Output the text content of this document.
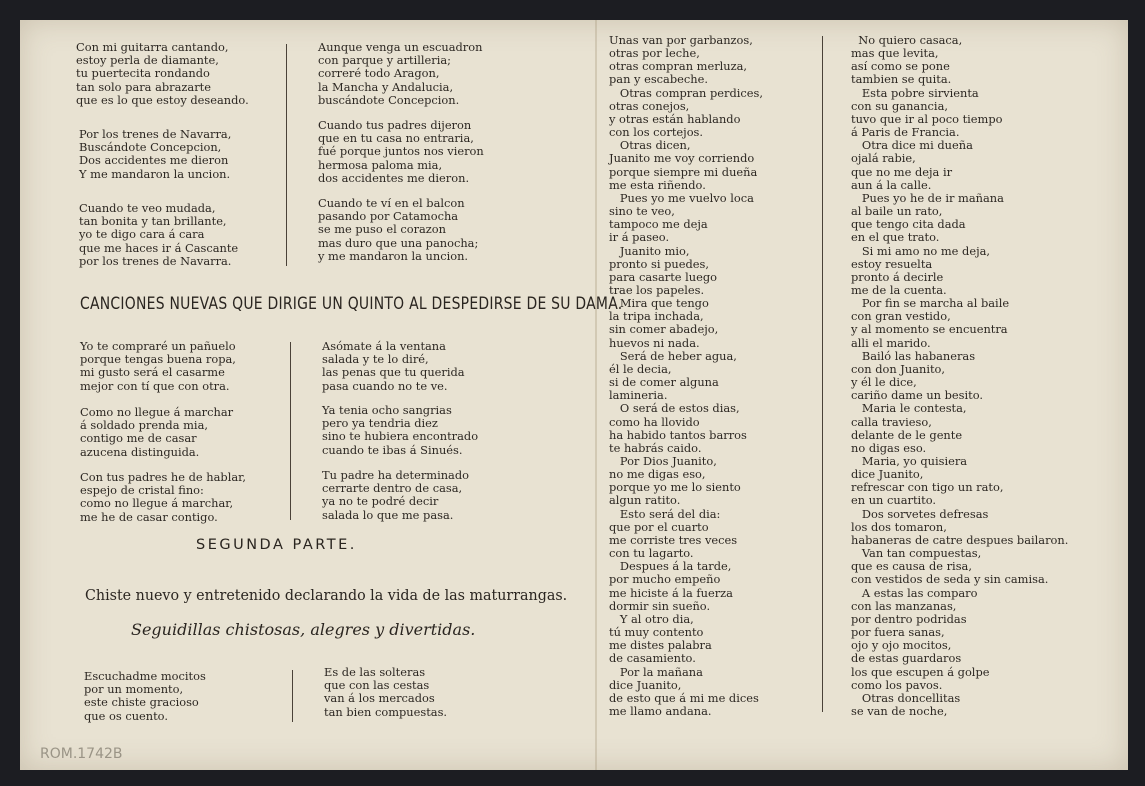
Con mi guitarra cantando,
estoy perla de diamante,
tu puertecita rondando
tan solo para abrazarte
que es lo que estoy deseando.

Por los trenes de Navarra,
Buscándote Concepcion,
Dos accidentes me dieron
Y me mandaron la uncion.

Cuando te veo mudada,
tan bonita y tan brillante,
yo te digo cara á cara
que me haces ir á Cascante
por los trenes de Navarra.

Aunque venga un escuadron
con parque y artilleria;
correré todo Aragon,
la Mancha y Andalucia,
buscándote Concepcion.

Cuando tus padres dijeron
que en tu casa no entraria,
fué porque juntos nos vieron
hermosa paloma mia,
dos accidentes me dieron.

Cuando te ví en el balcon
pasando por Catamocha
se me puso el corazon
mas duro que una panocha;
y me mandaron la uncion.

CANCIONES NUEVAS QUE DIRIGE UN QUINTO AL DESPEDIRSE DE SU DAMA.

Yo te compraré un pañuelo
porque tengas buena ropa,
mi gusto será el casarme
mejor con tí que con otra.

Como no llegue á marchar
á soldado prenda mia,
contigo me de casar
azucena distinguida.

Con tus padres he de hablar,
espejo de cristal fino:
como no llegue á marchar,
me he de casar contigo.

Asómate á la ventana
salada y te lo diré,
las penas que tu querida
pasa cuando no te ve.

Ya tenia ocho sangrias
pero ya tendria diez
sino te hubiera encontrado
cuando te ibas á Sinués.

Tu padre ha determinado
cerrarte dentro de casa,
ya no te podré decir
salada lo que me pasa.

SEGUNDA PARTE.

Chiste nuevo y entretenido declarando la vida de las maturrangas.

Seguidillas chistosas, alegres y divertidas.

Escuchadme mocitos
por un momento,
este chiste gracioso
que os cuento.

Es de las solteras
que con las cestas
van á los mercados
tan bien compuestas.

Unas van por garbanzos,
otras por leche,
otras compran merluza,
pan y escabeche.
Otras compran perdices,
otras conejos,
y otras están hablando
con los cortejos.
Otras dicen,
Juanito me voy corriendo
porque siempre mi dueña
me esta riñendo.
Pues yo me vuelvo loca
sino te veo,
tampoco me deja
ir á paseo.
Juanito mio,
pronto si puedes,
para casarte luego
trae los papeles.
Mira que tengo
la tripa inchada,
sin comer abadejo,
huevos ni nada.
Será de heber agua,
él le decia,
si de comer alguna
lamineria.
O será de estos dias,
como ha llovido
ha habido tantos barros
te habrás caido.
Por Dios Juanito,
no me digas eso,
porque yo me lo siento
algun ratito.
Esto será del dia:
que por el cuarto
me corriste tres veces
con tu lagarto.
Despues á la tarde,
por mucho empeño
me hiciste á la fuerza
dormir sin sueño.
Y al otro dia,
tú muy contento
me distes palabra
de casamiento.
Por la mañana
dice Juanito,
de esto que á mi me dices
me llamo andana.

No quiero casaca,
mas que levita,
así como se pone
tambien se quita.
Esta pobre sirvienta
con su ganancia,
tuvo que ir al poco tiempo
á Paris de Francia.
Otra dice mi dueña
ojalá rabie,
que no me deja ir
aun á la calle.
Pues yo he de ir mañana
al baile un rato,
que tengo cita dada
en el que trato.
Si mi amo no me deja,
estoy resuelta
pronto á decirle
me de la cuenta.
Por fin se marcha al baile
con gran vestido,
y al momento se encuentra
alli el marido.
Bailó las habaneras
con don Juanito,
y él le dice,
cariño dame un besito.
Maria le contesta,
calla travieso,
delante de le gente
no digas eso.
Maria, yo quisiera
dice Juanito,
refrescar con tigo un rato,
en un cuartito.
Dos sorvetes defresas
los dos tomaron,
habaneras de catre despues bailaron.
Van tan compuestas,
que es causa de risa,
con vestidos de seda y sin camisa.
A estas las comparo
con las manzanas,
por dentro podridas
por fuera sanas,
ojo y ojo mocitos,
de estas guardaros
los que escupen á golpe
como los pavos.
Otras doncellitas
se van de noche,

ROM.1742B
